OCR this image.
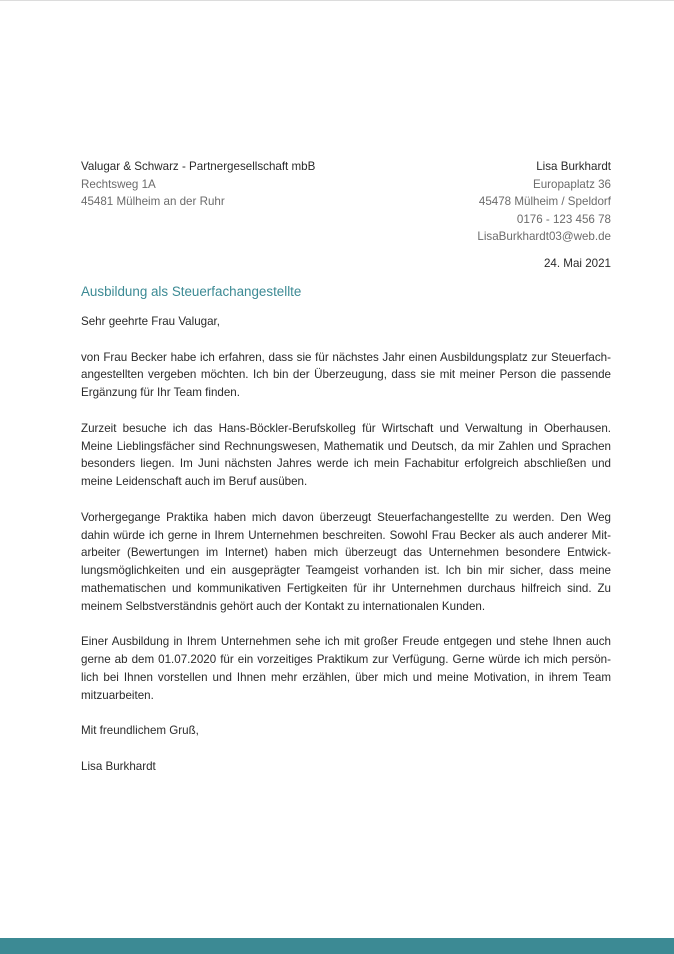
Valugar & Schwarz - Partnergesellschaft mbB
Rechtsweg 1A
45481 Mülheim an der Ruhr
Lisa Burkhardt
Europaplatz 36
45478 Mülheim / Speldorf
0176 - 123 456 78
LisaBurkhardt03@web.de
24. Mai 2021
Ausbildung als Steuerfachangestellte
Sehr geehrte Frau Valugar,

von Frau Becker habe ich erfahren, dass sie für nächstes Jahr einen Ausbildungsplatz zur Steuerfachangestellten vergeben möchten. Ich bin der Überzeugung, dass sie mit meiner Person die passende Ergänzung für Ihr Team finden.

Zurzeit besuche ich das Hans-Böckler-Berufskolleg für Wirtschaft und Verwaltung in Oberhausen. Meine Lieblingsfächer sind Rechnungswesen, Mathematik und Deutsch, da mir Zahlen und Sprachen besonders liegen. Im Juni nächsten Jahres werde ich mein Fachabitur erfolgreich abschließen und meine Leidenschaft auch im Beruf ausüben.

Vorhergegange Praktika haben mich davon überzeugt Steuerfachangestellte zu werden. Den Weg dahin würde ich gerne in Ihrem Unternehmen beschreiten. Sowohl Frau Becker als auch anderer Mitarbeiter (Bewertungen im Internet) haben mich überzeugt das Unternehmen besondere Entwicklungsmöglichkeiten und ein ausgeprägter Teamgeist vorhanden ist. Ich bin mir sicher, dass meine mathematischen und kommunikativen Fertigkeiten für ihr Unternehmen durchaus hilfreich sind. Zu meinem Selbstverständnis gehört auch der Kontakt zu internationalen Kunden.

Einer Ausbildung in Ihrem Unternehmen sehe ich mit großer Freude entgegen und stehe Ihnen auch gerne ab dem 01.07.2020 für ein vorzeitiges Praktikum zur Verfügung. Gerne würde ich mich persönlich bei Ihnen vorstellen und Ihnen mehr erzählen, über mich und meine Motivation, in ihrem Team mitzuarbeiten.

Mit freundlichem Gruß,
Lisa Burkhardt
